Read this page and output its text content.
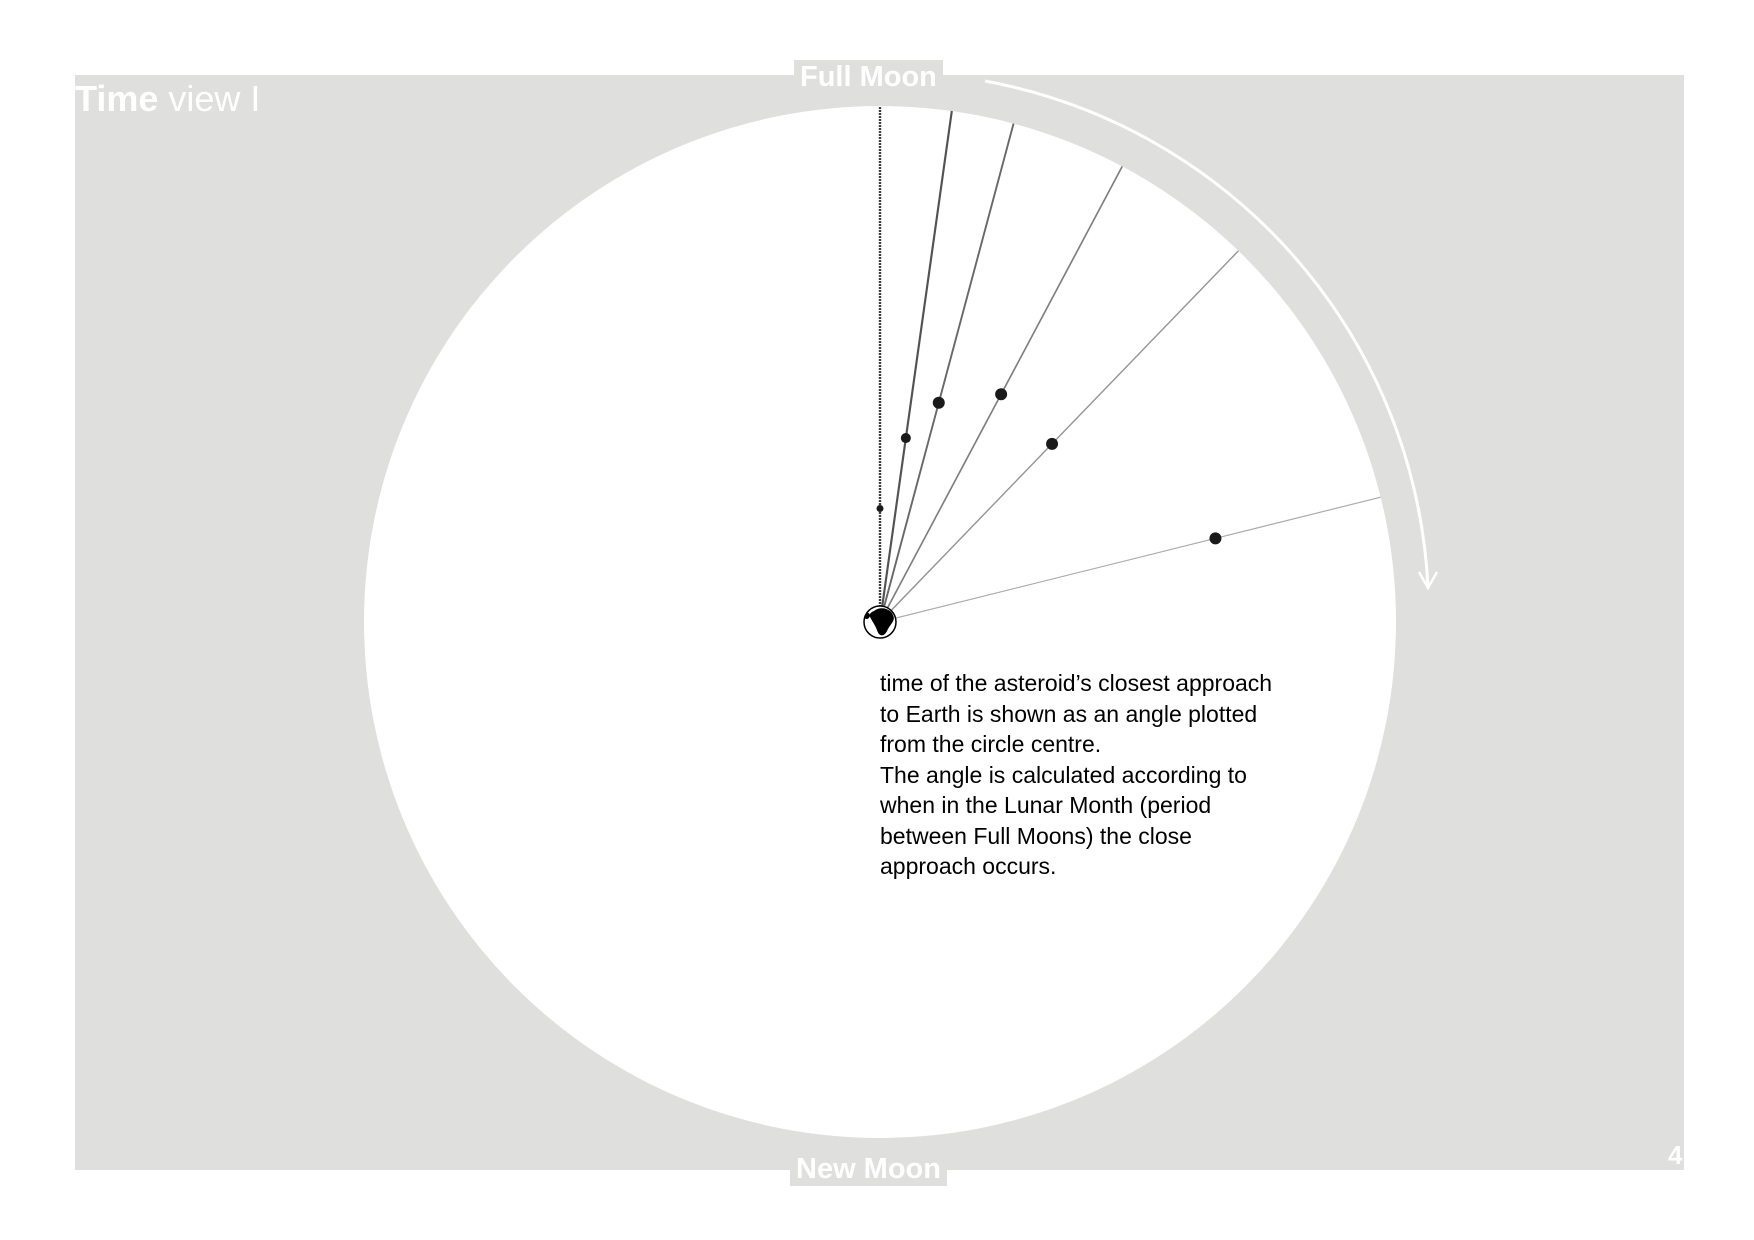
Time view I
Full Moon
New Moon
time of the asteroid’s closest approach
to Earth is shown as an angle plotted
from the circle centre.
The angle is calculated according to
when in the Lunar Month (period
between Full Moons) the close
approach occurs.
4
